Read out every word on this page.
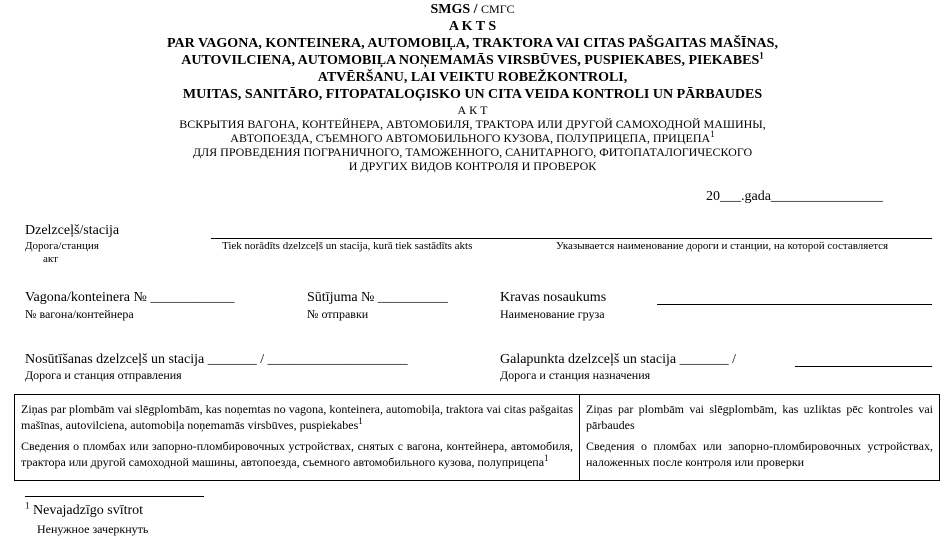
SMGS / СМГС
A K T S
PAR VAGONA, KONTEINERA, AUTOMOBIĻA, TRAKTORA VAI CITAS PAŠGAITAS MAŠĪNAS,
AUTOVILCIENA, AUTOMOBIĻA NOŅEMAMĀS VIRSBŪVES, PUSPIEKABES, PIEKABES$^1$
ATVĒRŠANU, LAI VEIKTU ROBEŽKONTROLI,
MUITAS, SANITĀRO, FITOPATALOĢISKO UN CITA VEIDA KONTROLI UN PĀRBAUDES
А К Т
ВСКРЫТИЯ ВАГОНА, КОНТЕЙНЕРА, АВТОМОБИЛЯ, ТРАКТОРА ИЛИ ДРУГОЙ САМОХОДНОЙ МАШИНЫ,
АВТОПОЕЗДА, СЪЕМНОГО АВТОМОБИЛЬНОГО КУЗОВА, ПОЛУПРИЦЕПА, ПРИЦЕПА$^1$
ДЛЯ ПРОВЕДЕНИЯ ПОГРАНИЧНОГО, ТАМОЖЕННОГО, САНИТАРНОГО, ФИТОПАТАЛОГИЧЕСКОГО
И ДРУГИХ ВИДОВ КОНТРОЛЯ И ПРОВЕРОК
20___.gada________________
Dzelzceļš/stacija
Дорога/станция
акт
Tiek norādīts dzelzceļš un stacija, kurā tiek sastādīts akts	Указывается наименование дороги и станции, на которой составляется
Vagona/konteinera № ____________
№ вагона/контейнера
Sūtījuma № __________
№ отправки
Kravas nosaukums
Наименование груза
Nosūtīšanas dzelzceļš un stacija _______ / ____________________
Дорога и станция отправления
Galapunkta dzelzceļš un stacija _______ /
Дорога и станция назначения
Ziņas par plombām vai slēgplombām, kas noņemtas no vagona, konteinera, automobiļa, traktora vai citas pašgaitas mašīnas, autovilciena, automobiļa noņemamās virsbūves, puspiekabes$^1$
Сведения о пломбах или запорно-пломбировочных устройствах, снятых с вагона, контейнера, автомобиля, трактора или другой самоходной машины, автопоезда, съемного автомобильного кузова, полуприцепа$^1$
Ziņas par plombām vai slēgplombām, kas uzliktas pēc kontroles vai pārbaudes
Сведения о пломбах или запорно-пломбировочных устройствах, наложенных после контроля или проверки
$^1$ Nevajadzīgo svītrot
Ненужное зачеркнуть
